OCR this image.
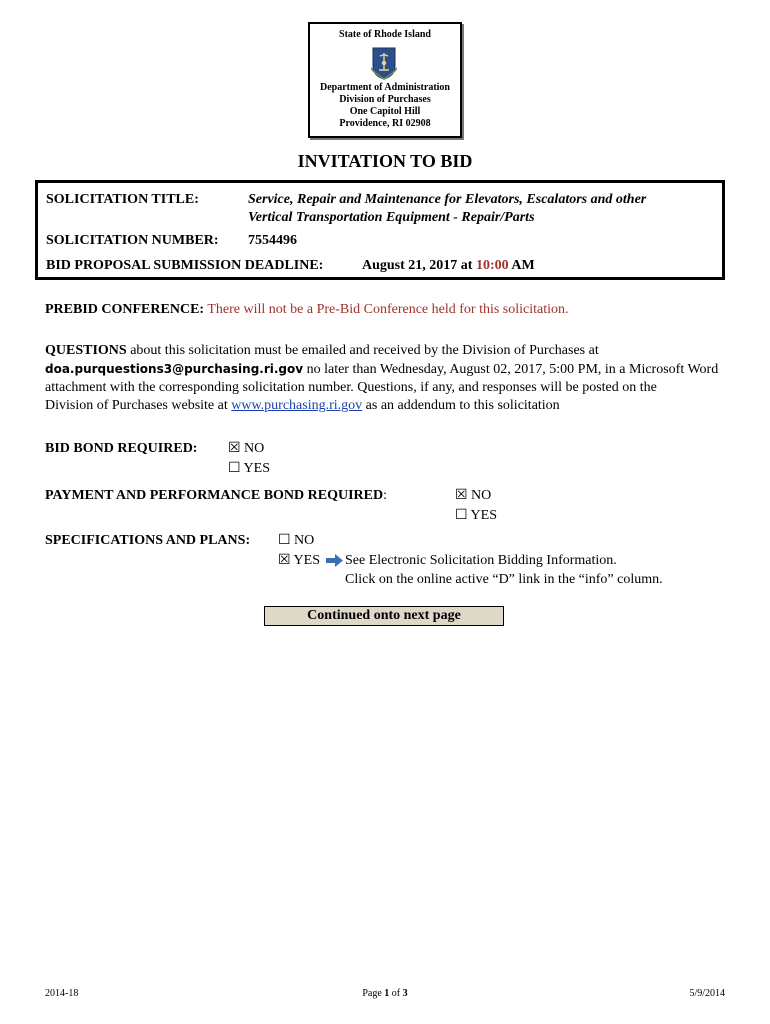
State of Rhode Island
Department of Administration
Division of Purchases
One Capitol Hill
Providence, RI 02908
INVITATION TO BID
SOLICITATION TITLE:	Service, Repair and Maintenance for Elevators, Escalators and other
Vertical Transportation Equipment - Repair/Parts
SOLICITATION NUMBER: 7554496
BID PROPOSAL SUBMISSION DEADLINE:	August 21, 2017 at 10:00 AM
PREBID CONFERENCE: There will not be a Pre-Bid Conference held for this solicitation.
QUESTIONS about this solicitation must be emailed and received by the Division of Purchases at
doa.purquestions3@purchasing.ri.gov no later than Wednesday, August 02, 2017, 5:00 PM, in a Microsoft Word
attachment with the corresponding solicitation number. Questions, if any, and responses will be posted on the
Division of Purchases website at www.purchasing.ri.gov as an addendum to this solicitation
BID BOND REQUIRED: ☒ NO
☐ YES
PAYMENT AND PERFORMANCE BOND REQUIRED:	☒ NO
☐ YES
SPECIFICATIONS AND PLANS: ☐ NO
☒ YES See Electronic Solicitation Bidding Information.
Click on the online active “D” link in the “info” column.
Continued onto next page
2014-18	Page 1 of 3	5/9/2014
